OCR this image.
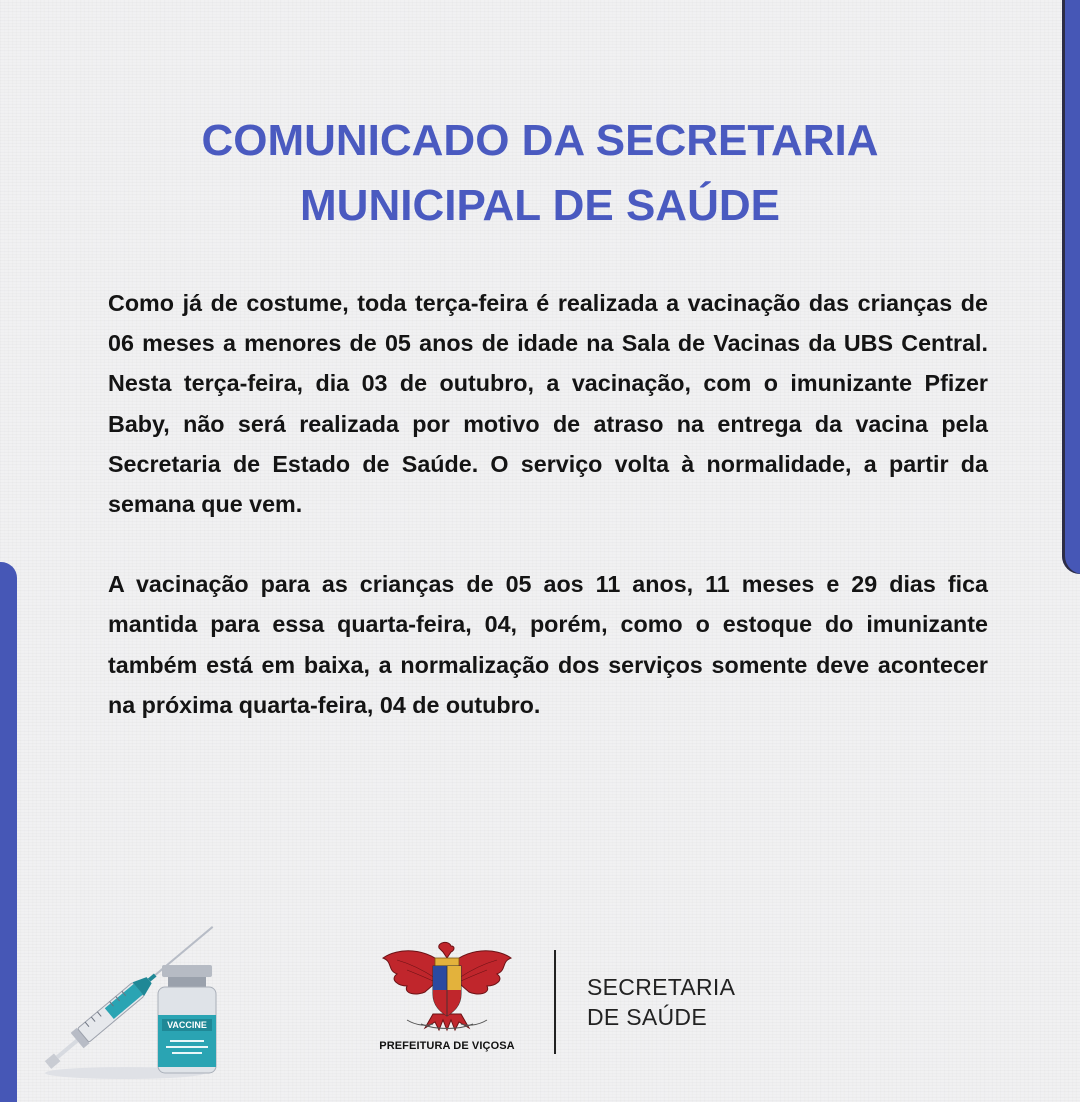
COMUNICADO DA SECRETARIA
MUNICIPAL DE SAÚDE

Como já de costume, toda terça-feira é realizada a vacinação das crianças de 06 meses a menores de 05 anos de idade na Sala de Vacinas da UBS Central. Nesta terça-feira, dia 03 de outubro, a vacinação, com o imunizante Pfizer Baby, não será realizada por motivo de atraso na entrega da vacina pela Secretaria de Estado de Saúde. O serviço volta à normalidade, a partir da semana que vem.

A vacinação para as crianças de 05 aos 11 anos, 11 meses e 29 dias fica mantida para essa quarta-feira, 04, porém, como o estoque do imunizante também está em baixa, a normalização dos serviços somente deve acontecer na próxima quarta-feira, 04 de outubro.

VACCINE
PREFEITURA DE VIÇOSA
SECRETARIA
DE SAÚDE
